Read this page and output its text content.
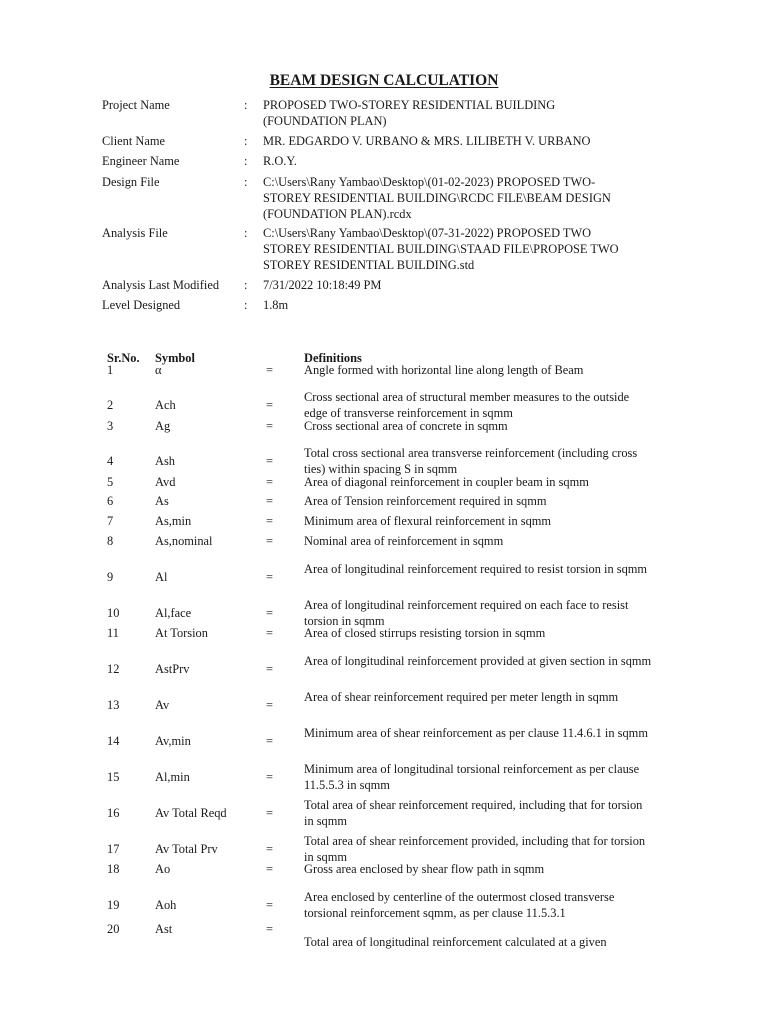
BEAM DESIGN CALCULATION
Project Name	: PROPOSED TWO-STOREY RESIDENTIAL BUILDING (FOUNDATION PLAN)
Client Name	: MR. EDGARDO V. URBANO & MRS. LILIBETH V. URBANO
Engineer Name	: R.O.Y.
Design File	: C:\Users\Rany Yambao\Desktop\(01-02-2023) PROPOSED TWO-STOREY RESIDENTIAL BUILDING\RCDC FILE\BEAM DESIGN (FOUNDATION PLAN).rcdx
Analysis File	: C:\Users\Rany Yambao\Desktop\(07-31-2022) PROPOSED TWO STOREY RESIDENTIAL BUILDING\STAAD FILE\PROPOSE TWO STOREY RESIDENTIAL BUILDING.std
Analysis Last Modified : 7/31/2022 10:18:49 PM
Level Designed	: 1.8m
Sr.No. Symbol	Definitions
1	α	=	Angle formed with horizontal line along length of Beam
2	Ach	=
Cross sectional area of structural member measures to the outside edge of transverse reinforcement in sqmm
3	Ag	=	Cross sectional area of concrete in sqmm
4	Ash	=
Total cross sectional area transverse reinforcement (including cross ties) within spacing S in sqmm
5	Avd	=	Area of diagonal reinforcement in coupler beam in sqmm
6	As	=	Area of Tension reinforcement required in sqmm
7	As,min	=	Minimum area of flexural reinforcement in sqmm
8	As,nominal	=	Nominal area of reinforcement in sqmm
9	Al	=
Area of longitudinal reinforcement required to resist torsion in sqmm
10	Al,face	=
Area of longitudinal reinforcement required on each face to resist torsion in sqmm
11	At Torsion	=	Area of closed stirrups resisting torsion in sqmm
12	AstPrv	=
Area of longitudinal reinforcement provided at given section in sqmm
13	Av	=
Area of shear reinforcement required per meter length in sqmm
14	Av,min	=
Minimum area of shear reinforcement as per clause 11.4.6.1 in sqmm
15	Al,min	=
Minimum area of longitudinal torsional reinforcement as per clause 11.5.5.3 in sqmm
16	Av Total Reqd	=
Total area of shear reinforcement required, including that for torsion in sqmm
17	Av Total Prv	=
Total area of shear reinforcement provided, including that for torsion in sqmm
18	Ao	=	Gross area enclosed by shear flow path in sqmm
19	Aoh	=
Area enclosed by centerline of the outermost closed transverse torsional reinforcement sqmm, as per clause 11.5.3.1
20	Ast	=
Total area of longitudinal reinforcement calculated at a given
